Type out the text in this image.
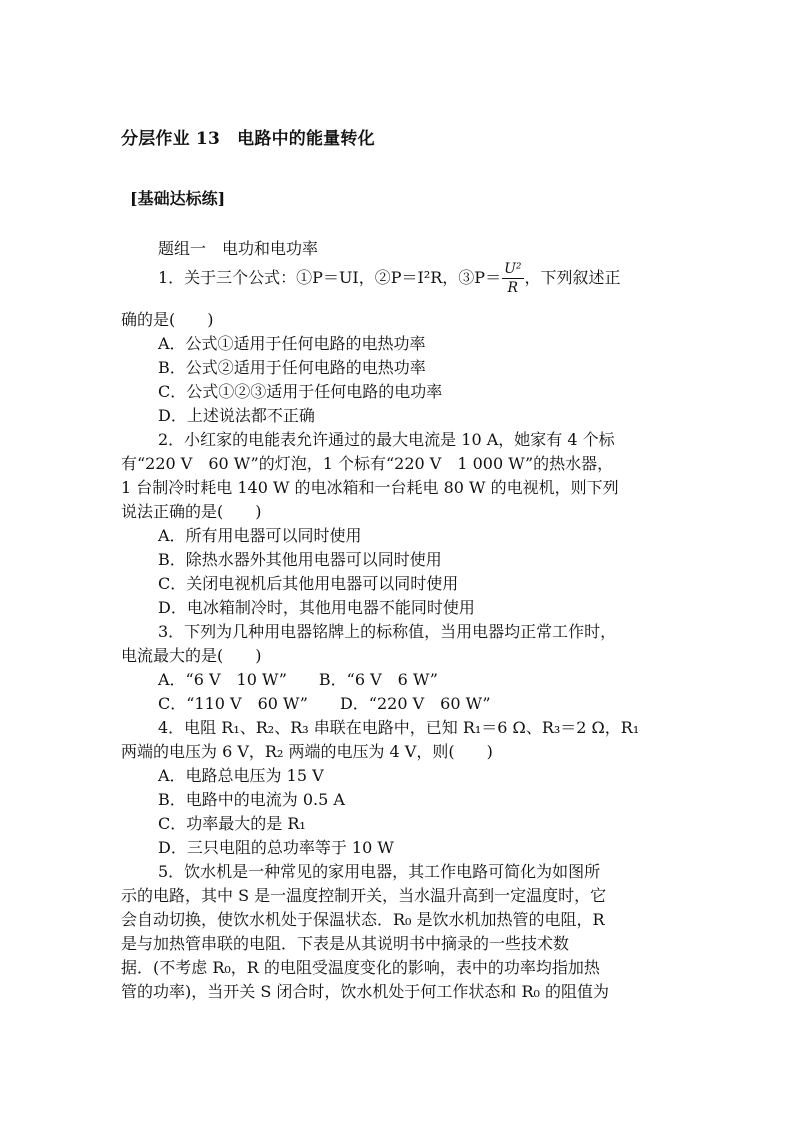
分层作业 13　电路中的能量转化
[基础达标练]
题组一　电功和电功率
1．关于三个公式：①P＝UI，②P＝I²R，③P＝ $\frac{\text{U²}}{R}$ ，下列叙述正
确的是(　　)
A．公式①适用于任何电路的电热功率
B．公式②适用于任何电路的电热功率
C．公式①②③适用于任何电路的电功率
D．上述说法都不正确
2．小红家的电能表允许通过的最大电流是 10 A，她家有 4 个标
有“220 V　60 W”的灯泡，1 个标有“220 V　1 000 W”的热水器，
1 台制冷时耗电 140 W 的电冰箱和一台耗电 80 W 的电视机，则下列
说法正确的是(　　)
A．所有用电器可以同时使用
B．除热水器外其他用电器可以同时使用
C．关闭电视机后其他用电器可以同时使用
D．电冰箱制冷时，其他用电器不能同时使用
3．下列为几种用电器铭牌上的标称值，当用电器均正常工作时，
电流最大的是(　　)
A．“6 V　10 W”　　B．“6 V　6 W”
C．“110 V　60 W”　　D．“220 V　60 W”
4．电阻 R₁、R₂、R₃ 串联在电路中，已知 R₁＝6 Ω、R₃＝2 Ω，R₁
两端的电压为 6 V，R₂ 两端的电压为 4 V，则(　　)
A．电路总电压为 15 V
B．电路中的电流为 0.5 A
C．功率最大的是 R₁
D．三只电阻的总功率等于 10 W
5．饮水机是一种常见的家用电器，其工作电路可简化为如图所
示的电路，其中 S 是一温度控制开关，当水温升高到一定温度时，它
会自动切换，使饮水机处于保温状态．R₀ 是饮水机加热管的电阻，R
是与加热管串联的电阻．下表是从其说明书中摘录的一些技术数
据．(不考虑 R₀，R 的电阻受温度变化的影响，表中的功率均指加热
管的功率)，当开关 S 闭合时，饮水机处于何工作状态和 R₀ 的阻值为
